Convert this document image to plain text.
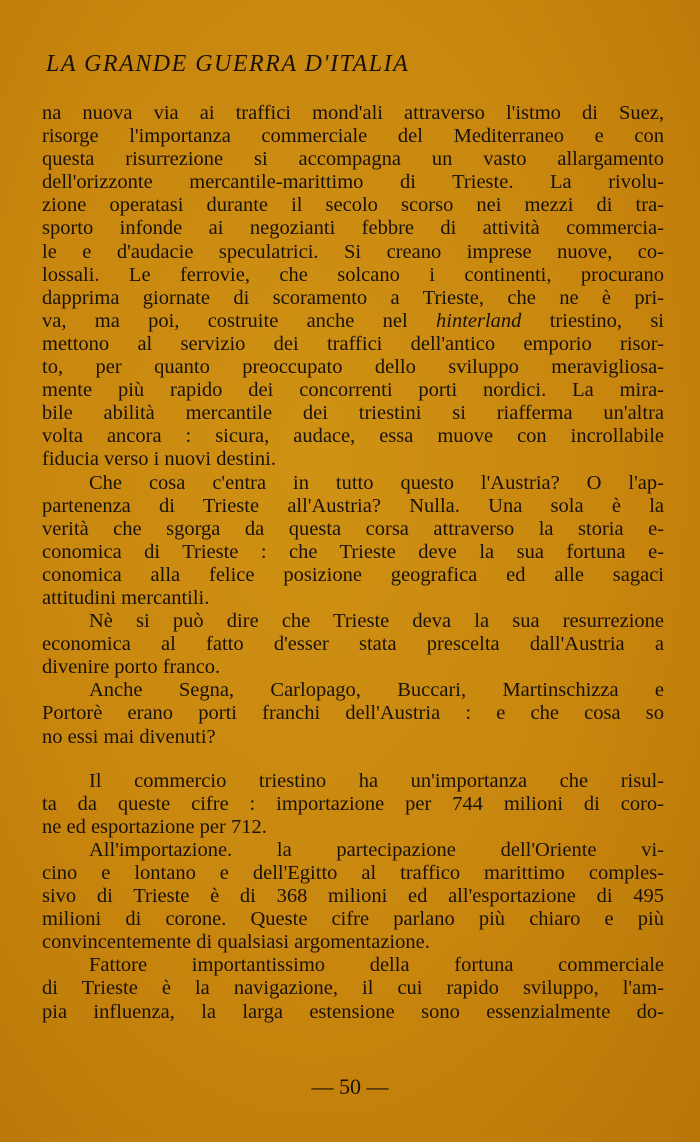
LA GRANDE GUERRA D'ITALIA
na nuova via ai traffici mond'ali attraverso l'istmo di Suez,
risorge l'importanza commerciale del Mediterraneo e con
questa risurrezione si accompagna un vasto allargamento
dell'orizzonte mercantile-marittimo di Trieste. La rivolu-
zione operatasi durante il secolo scorso nei mezzi di tra-
sporto infonde ai negozianti febbre di attività commercia-
le e d'audacie speculatrici. Si creano imprese nuove, co-
lossali. Le ferrovie, che solcano i continenti, procurano
dapprima giornate di scoramento a Trieste, che ne è pri-
va, ma poi, costruite anche nel hinterland triestino, si
mettono al servizio dei traffici dell'antico emporio risor-
to, per quanto preoccupato dello sviluppo meravigliosa-
mente più rapido dei concorrenti porti nordici. La mira-
bile abilità mercantile dei triestini si riafferma un'altra
volta ancora : sicura, audace, essa muove con incrollabile
fiducia verso i nuovi destini.
Che cosa c'entra in tutto questo l'Austria? O l'ap-
partenenza di Trieste all'Austria? Nulla. Una sola è la
verità che sgorga da questa corsa attraverso la storia e-
conomica di Trieste : che Trieste deve la sua fortuna e-
conomica alla felice posizione geografica ed alle sagaci
attitudini mercantili.
Nè si può dire che Trieste deva la sua resurrezione
economica al fatto d'esser stata prescelta dall'Austria a
divenire porto franco.
Anche Segna, Carlopago, Buccari, Martinschizza e
Portorè erano porti franchi dell'Austria : e che cosa so
no essi mai divenuti?
Il commercio triestino ha un'importanza che risul-
ta da queste cifre : importazione per 744 milioni di coro-
ne ed esportazione per 712.
All'importazione. la partecipazione dell'Oriente vi-
cino e lontano e dell'Egitto al traffico marittimo comples-
sivo di Trieste è di 368 milioni ed all'esportazione di 495
milioni di corone. Queste cifre parlano più chiaro e più
convincentemente di qualsiasi argomentazione.
Fattore importantissimo della fortuna commerciale
di Trieste è la navigazione, il cui rapido sviluppo, l'am-
pia influenza, la larga estensione sono essenzialmente do-
— 50 —
